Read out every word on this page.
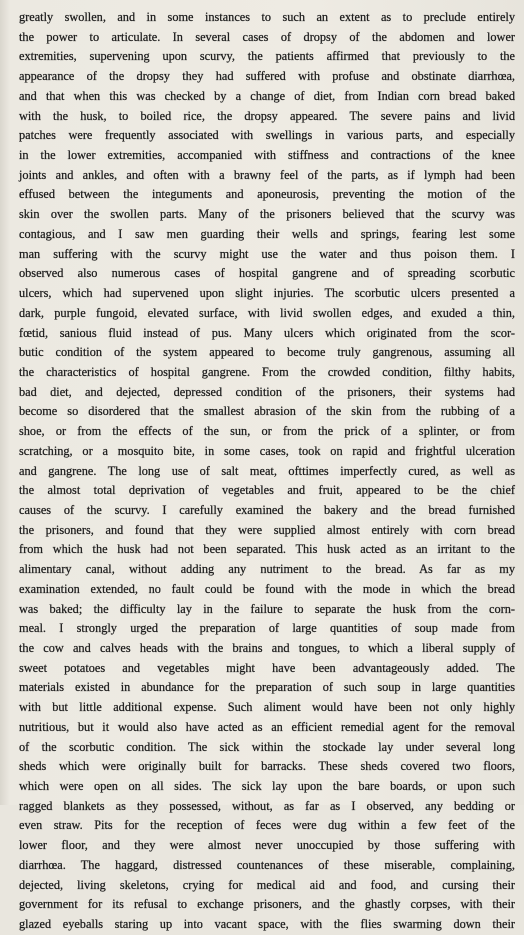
greatly swollen, and in some instances to such an extent as to preclude entirely
the power to articulate. In several cases of dropsy of the abdomen and lower
extremities, supervening upon scurvy, the patients affirmed that previously to the
appearance of the dropsy they had suffered with profuse and obstinate diarrhœa,
and that when this was checked by a change of diet, from Indian corn bread baked
with the husk, to boiled rice, the dropsy appeared. The severe pains and livid
patches were frequently associated with swellings in various parts, and especially
in the lower extremities, accompanied with stiffness and contractions of the knee
joints and ankles, and often with a brawny feel of the parts, as if lymph had been
effused between the integuments and aponeurosis, preventing the motion of the
skin over the swollen parts. Many of the prisoners believed that the scurvy was
contagious, and I saw men guarding their wells and springs, fearing lest some
man suffering with the scurvy might use the water and thus poison them. I
observed also numerous cases of hospital gangrene and of spreading scorbutic
ulcers, which had supervened upon slight injuries. The scorbutic ulcers presented a
dark, purple fungoid, elevated surface, with livid swollen edges, and exuded a thin,
fœtid, sanious fluid instead of pus. Many ulcers which originated from the scor-
butic condition of the system appeared to become truly gangrenous, assuming all
the characteristics of hospital gangrene. From the crowded condition, filthy habits,
bad diet, and dejected, depressed condition of the prisoners, their systems had
become so disordered that the smallest abrasion of the skin from the rubbing of a
shoe, or from the effects of the sun, or from the prick of a splinter, or from
scratching, or a mosquito bite, in some cases, took on rapid and frightful ulceration
and gangrene. The long use of salt meat, ofttimes imperfectly cured, as well as
the almost total deprivation of vegetables and fruit, appeared to be the chief
causes of the scurvy. I carefully examined the bakery and the bread furnished
the prisoners, and found that they were supplied almost entirely with corn bread
from which the husk had not been separated. This husk acted as an irritant to the
alimentary canal, without adding any nutriment to the bread. As far as my
examination extended, no fault could be found with the mode in which the bread
was baked; the difficulty lay in the failure to separate the husk from the corn-
meal. I strongly urged the preparation of large quantities of soup made from
the cow and calves heads with the brains and tongues, to which a liberal supply of
sweet potatoes and vegetables might have been advantageously added. The
materials existed in abundance for the preparation of such soup in large quantities
with but little additional expense. Such aliment would have been not only highly
nutritious, but it would also have acted as an efficient remedial agent for the removal
of the scorbutic condition. The sick within the stockade lay under several long
sheds which were originally built for barracks. These sheds covered two floors,
which were open on all sides. The sick lay upon the bare boards, or upon such
ragged blankets as they possessed, without, as far as I observed, any bedding or
even straw. Pits for the reception of feces were dug within a few feet of the
lower floor, and they were almost never unoccupied by those suffering with
diarrhœa. The haggard, distressed countenances of these miserable, complaining,
dejected, living skeletons, crying for medical aid and food, and cursing their
government for its refusal to exchange prisoners, and the ghastly corpses, with their
glazed eyeballs staring up into vacant space, with the flies swarming down their
